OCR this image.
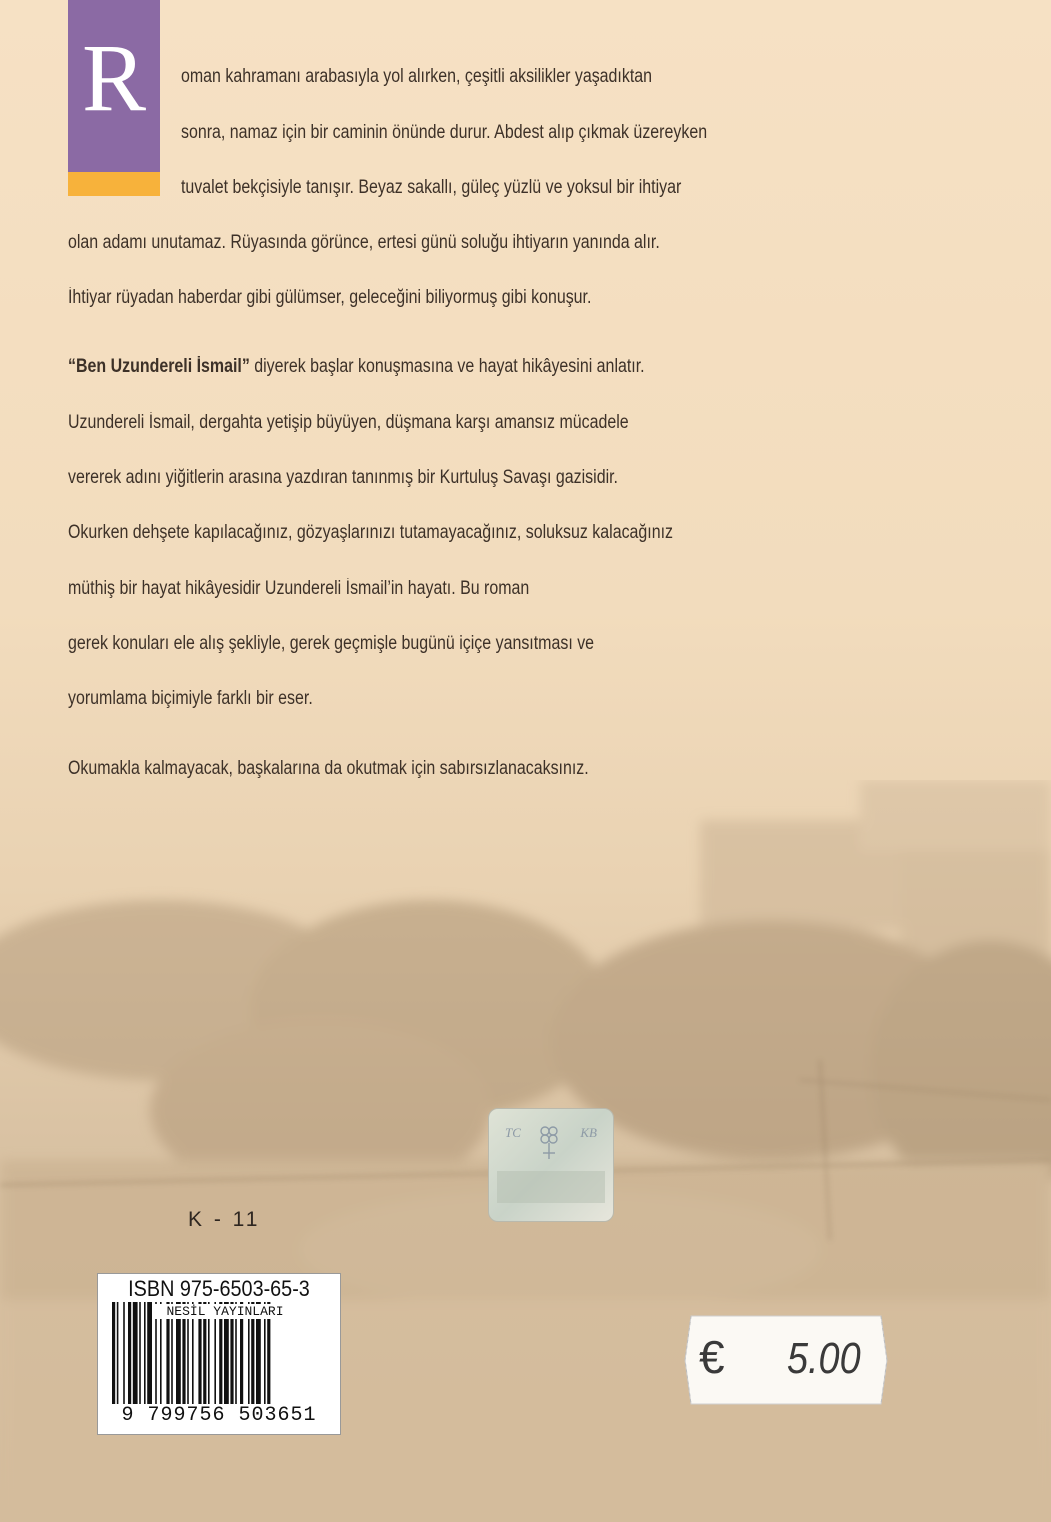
R	oman kahramanı arabasıyla yol alırken, çeşitli aksilikler yaşadıktan
sonra, namaz için bir caminin önünde durur. Abdest alıp çıkmak üzereyken
tuvalet bekçisiyle tanışır. Beyaz sakallı, güleç yüzlü ve yoksul bir ihtiyar
olan adamı unutamaz. Rüyasında görünce, ertesi günü soluğu ihtiyarın yanında alır.
İhtiyar rüyadan haberdar gibi gülümser, geleceğini biliyormuş gibi konuşur.
“Ben Uzundereli İsmail” diyerek başlar konuşmasına ve hayat hikâyesini anlatır.
Uzundereli İsmail, dergahta yetişip büyüyen, düşmana karşı amansız mücadele
vererek adını yiğitlerin arasına yazdıran tanınmış bir Kurtuluş Savaşı gazisidir.
Okurken dehşete kapılacağınız, gözyaşlarınızı tutamayacağınız, soluksuz kalacağınız
müthiş bir hayat hikâyesidir Uzundereli İsmail’in hayatı. Bu roman
gerek konuları ele alış şekliyle, gerek geçmişle bugünü içiçe yansıtması ve
yorumlama biçimiyle farklı bir eser.
Okumakla kalmayacak, başkalarına da okutmak için sabırsızlanacaksınız.
K - 11
TC	KB
ISBN 975-6503-65-3
NESİL YAYINLARI
9 799756 503651
€ 5.00
